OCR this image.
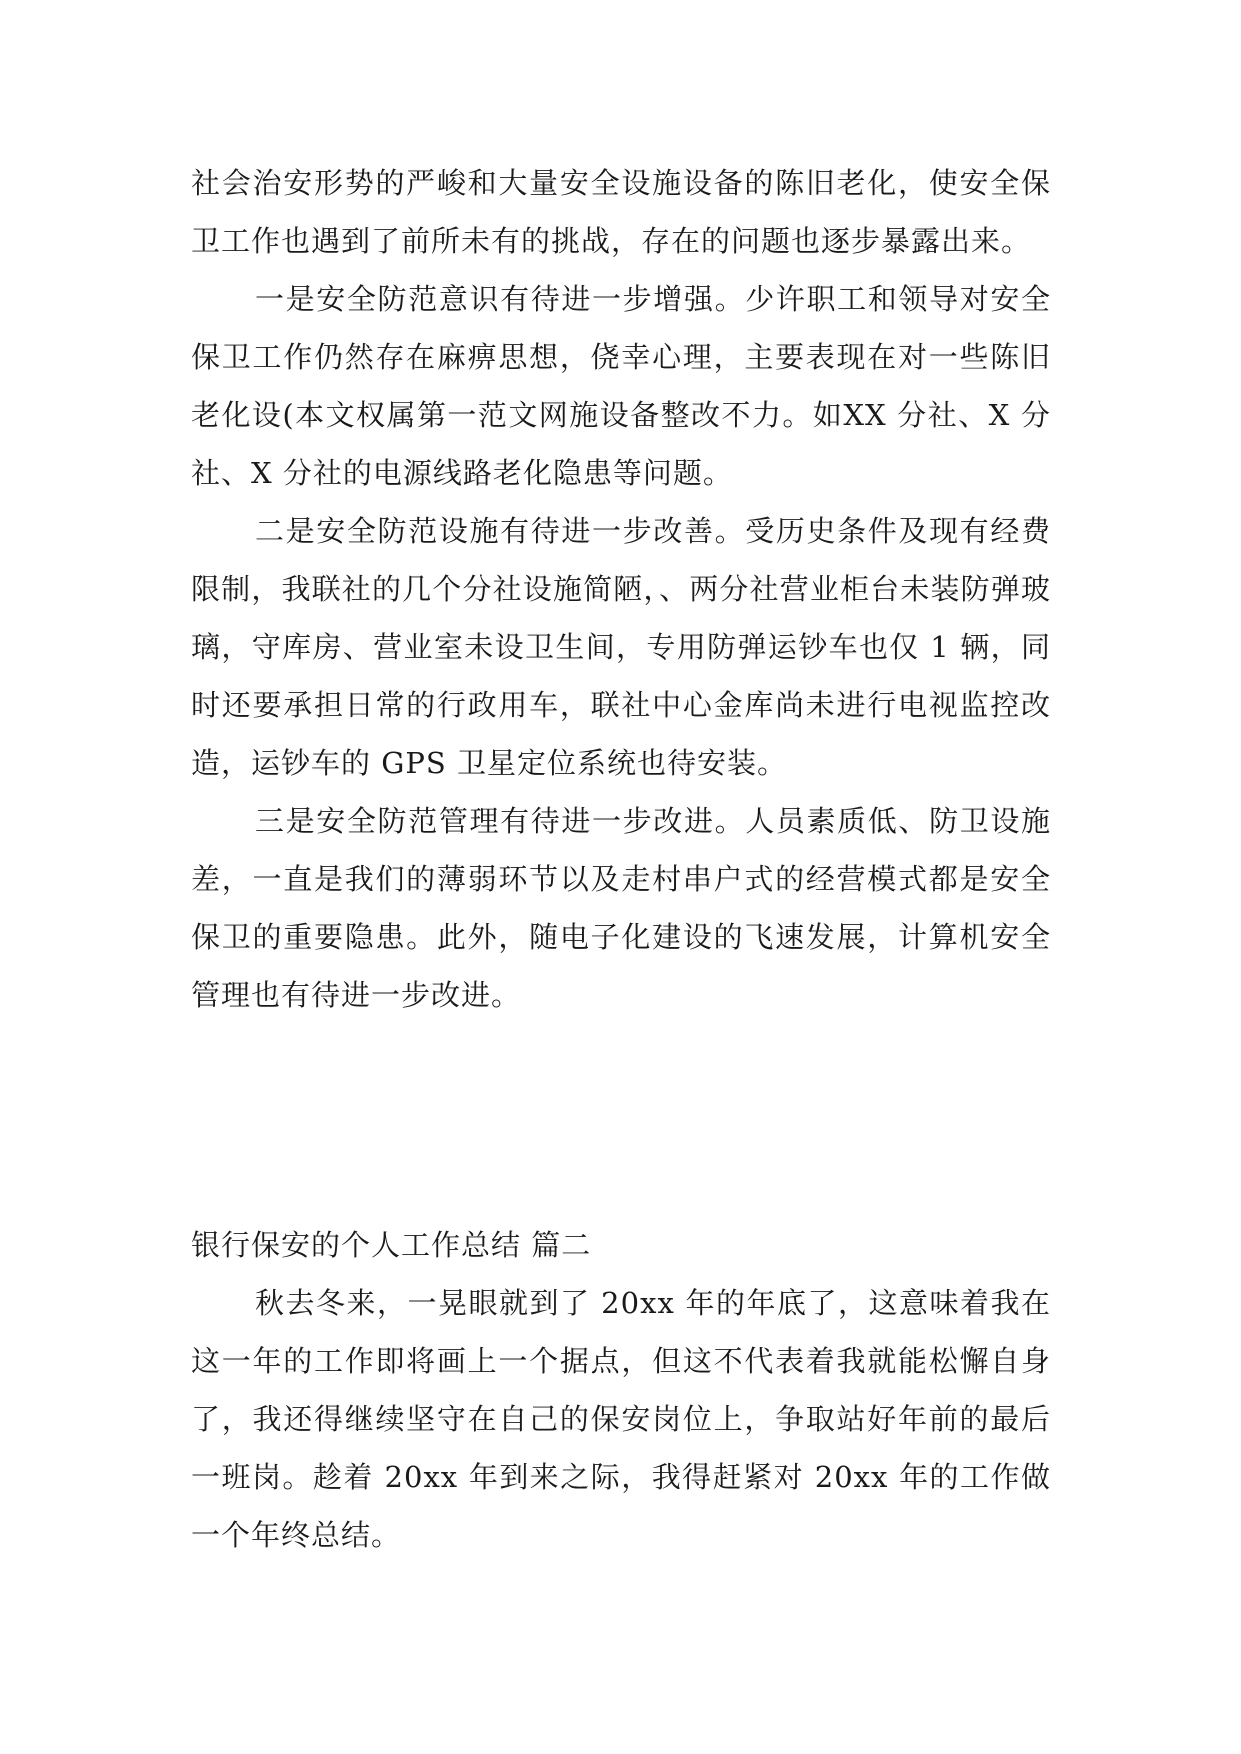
社会治安形势的严峻和大量安全设施设备的陈旧老化，使安全保卫工作也遇到了前所未有的挑战，存在的问题也逐步暴露出来。

一是安全防范意识有待进一步增强。少许职工和领导对安全保卫工作仍然存在麻痹思想，侥幸心理，主要表现在对一些陈旧老化设(本文权属第一范文网施设备整改不力。如XX 分社、X 分社、X 分社的电源线路老化隐患等问题。

二是安全防范设施有待进一步改善。受历史条件及现有经费限制，我联社的几个分社设施简陋，、两分社营业柜台未装防弹玻璃，守库房、营业室未设卫生间，专用防弹运钞车也仅 1 辆，同时还要承担日常的行政用车，联社中心金库尚未进行电视监控改造，运钞车的 GPS 卫星定位系统也待安装。

三是安全防范管理有待进一步改进。人员素质低、防卫设施差，一直是我们的薄弱环节以及走村串户式的经营模式都是安全保卫的重要隐患。此外，随电子化建设的飞速发展，计算机安全管理也有待进一步改进。

银行保安的个人工作总结 篇二

秋去冬来，一晃眼就到了 20xx 年的年底了，这意味着我在这一年的工作即将画上一个据点，但这不代表着我就能松懈自身了，我还得继续坚守在自己的保安岗位上，争取站好年前的最后一班岗。趁着 20xx 年到来之际，我得赶紧对 20xx 年的工作做一个年终总结。
